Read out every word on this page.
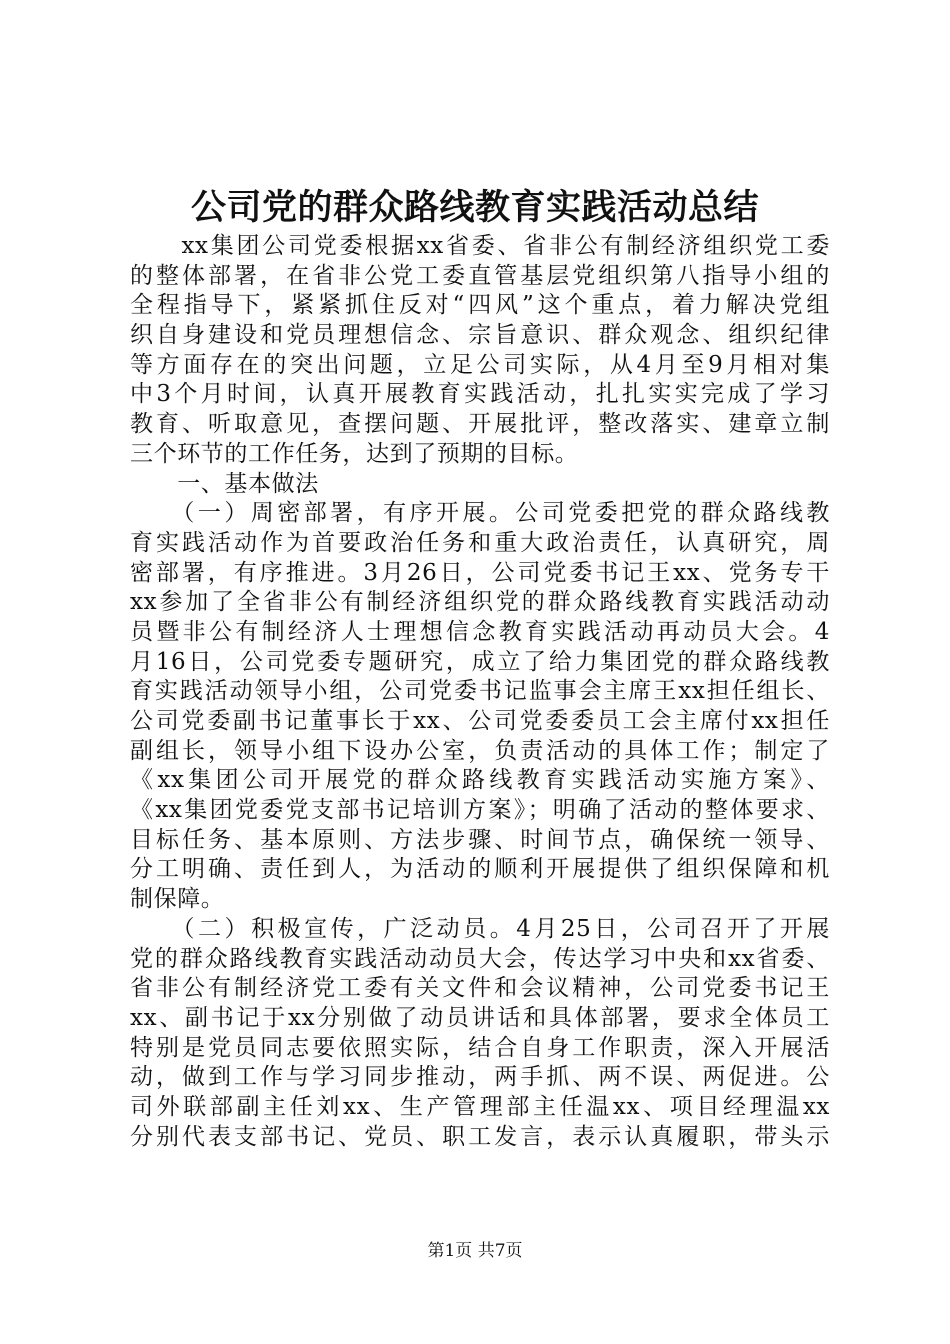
公司党的群众路线教育实践活动总结
　　xx集团公司党委根据xx省委、省非公有制经济组织党工委
的整体部署，在省非公党工委直管基层党组织第八指导小组的
全程指导下，紧紧抓住反对“四风”这个重点，着力解决党组
织自身建设和党员理想信念、宗旨意识、群众观念、组织纪律
等方面存在的突出问题，立足公司实际，从4月至9月相对集
中3个月时间，认真开展教育实践活动，扎扎实实完成了学习
教育、听取意见，查摆问题、开展批评，整改落实、建章立制
三个环节的工作任务，达到了预期的目标。
　　一、基本做法
　　（一）周密部署，有序开展。公司党委把党的群众路线教
育实践活动作为首要政治任务和重大政治责任，认真研究，周
密部署，有序推进。3月26日，公司党委书记王xx、党务专干
xx参加了全省非公有制经济组织党的群众路线教育实践活动动
员暨非公有制经济人士理想信念教育实践活动再动员大会。4
月16日，公司党委专题研究，成立了给力集团党的群众路线教
育实践活动领导小组，公司党委书记监事会主席王xx担任组长、
公司党委副书记董事长于xx、公司党委委员工会主席付xx担任
副组长，领导小组下设办公室，负责活动的具体工作；制定了
《xx集团公司开展党的群众路线教育实践活动实施方案》、
《xx集团党委党支部书记培训方案》；明确了活动的整体要求、
目标任务、基本原则、方法步骤、时间节点，确保统一领导、
分工明确、责任到人，为活动的顺利开展提供了组织保障和机
制保障。
　　（二）积极宣传，广泛动员。4月25日，公司召开了开展
党的群众路线教育实践活动动员大会，传达学习中央和xx省委、
省非公有制经济党工委有关文件和会议精神，公司党委书记王
xx、副书记于xx分别做了动员讲话和具体部署，要求全体员工
特别是党员同志要依照实际，结合自身工作职责，深入开展活
动，做到工作与学习同步推动，两手抓、两不误、两促进。公
司外联部副主任刘xx、生产管理部主任温xx、项目经理温xx
分别代表支部书记、党员、职工发言，表示认真履职，带头示
第1页 共7页
